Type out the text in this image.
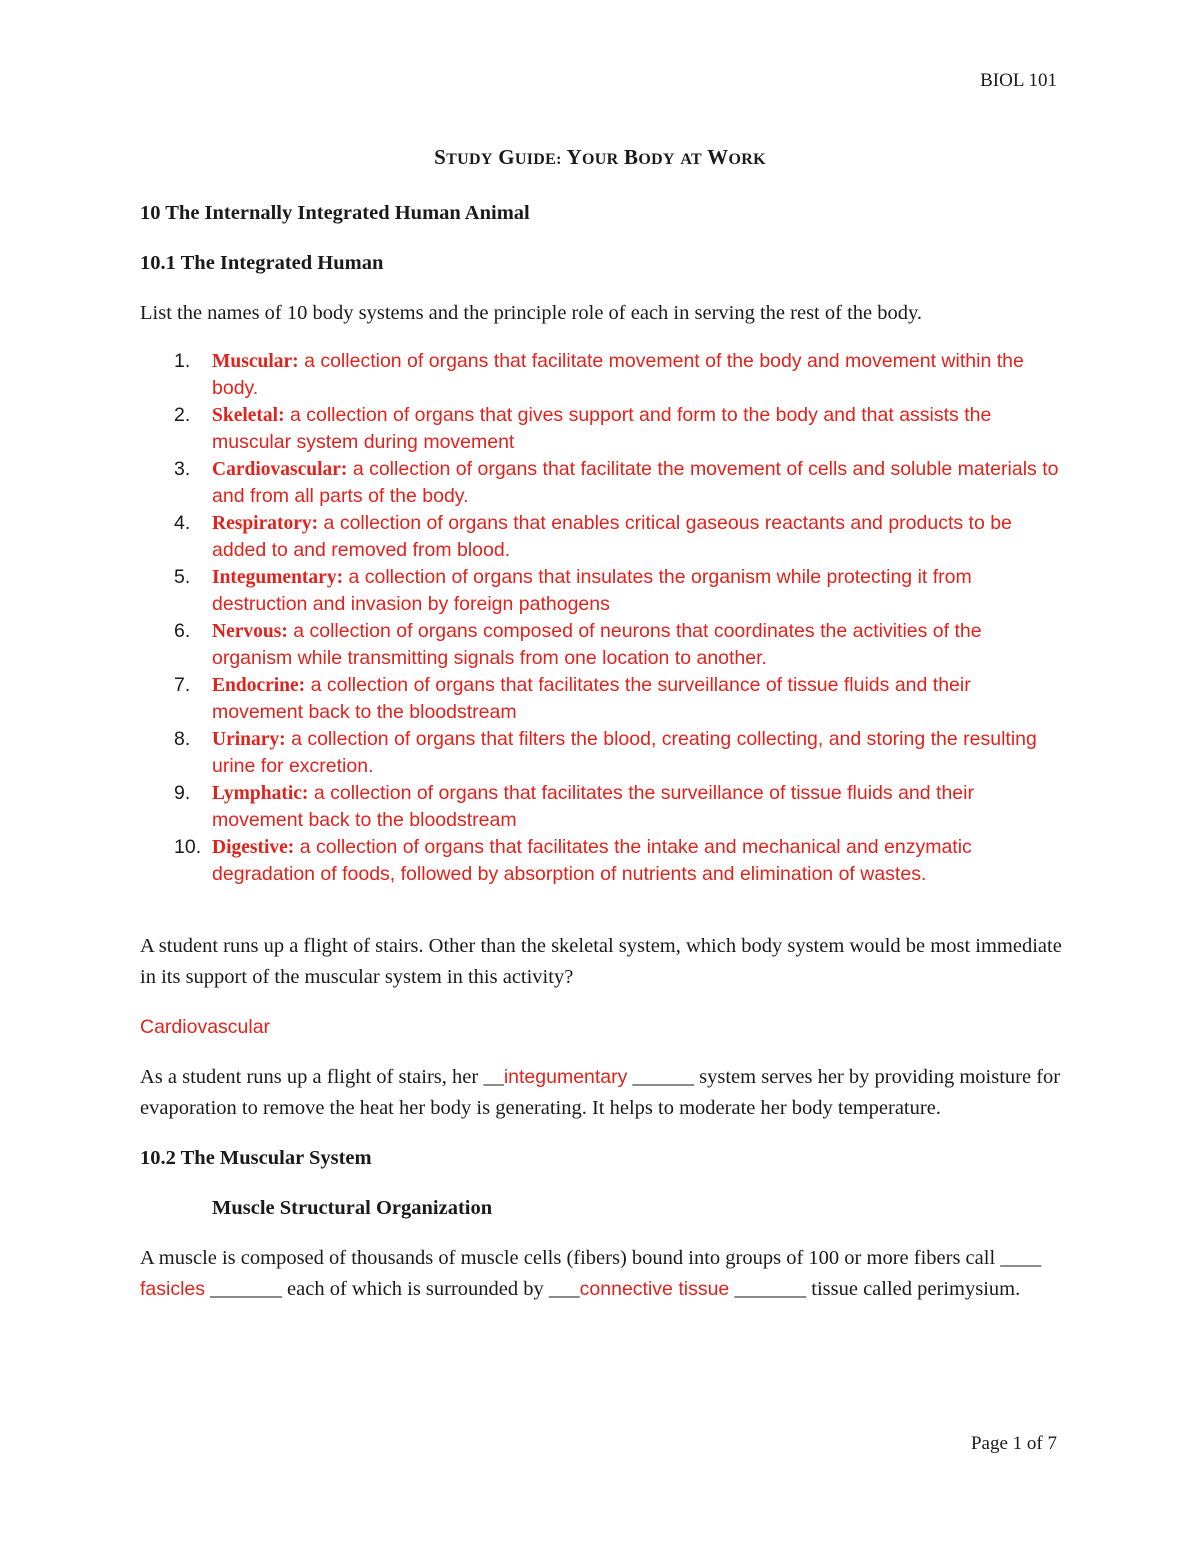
BIOL 101
STUDY GUIDE: YOUR BODY AT WORK

10 The Internally Integrated Human Animal

10.1 The Integrated Human

List the names of 10 body systems and the principle role of each in serving the rest of the body.

1. Muscular: a collection of organs that facilitate movement of the body and movement within the body.
2. Skeletal: a collection of organs that gives support and form to the body and that assists the muscular system during movement
3. Cardiovascular: a collection of organs that facilitate the movement of cells and soluble materials to and from all parts of the body.
4. Respiratory: a collection of organs that enables critical gaseous reactants and products to be added to and removed from blood.
5. Integumentary: a collection of organs that insulates the organism while protecting it from destruction and invasion by foreign pathogens
6. Nervous: a collection of organs composed of neurons that coordinates the activities of the organism while transmitting signals from one location to another.
7. Endocrine: a collection of organs that facilitates the surveillance of tissue fluids and their movement back to the bloodstream
8. Urinary: a collection of organs that filters the blood, creating collecting, and storing the resulting urine for excretion.
9. Lymphatic: a collection of organs that facilitates the surveillance of tissue fluids and their movement back to the bloodstream
10. Digestive: a collection of organs that facilitates the intake and mechanical and enzymatic degradation of foods, followed by absorption of nutrients and elimination of wastes.

A student runs up a flight of stairs. Other than the skeletal system, which body system would be most immediate in its support of the muscular system in this activity?

Cardiovascular

As a student runs up a flight of stairs, her __integumentary ______ system serves her by providing moisture for evaporation to remove the heat her body is generating. It helps to moderate her body temperature.

10.2 The Muscular System

Muscle Structural Organization

A muscle is composed of thousands of muscle cells (fibers) bound into groups of 100 or more fibers call ____ fasicles _______ each of which is surrounded by ___connective tissue _______ tissue called perimysium.

Page 1 of 7
